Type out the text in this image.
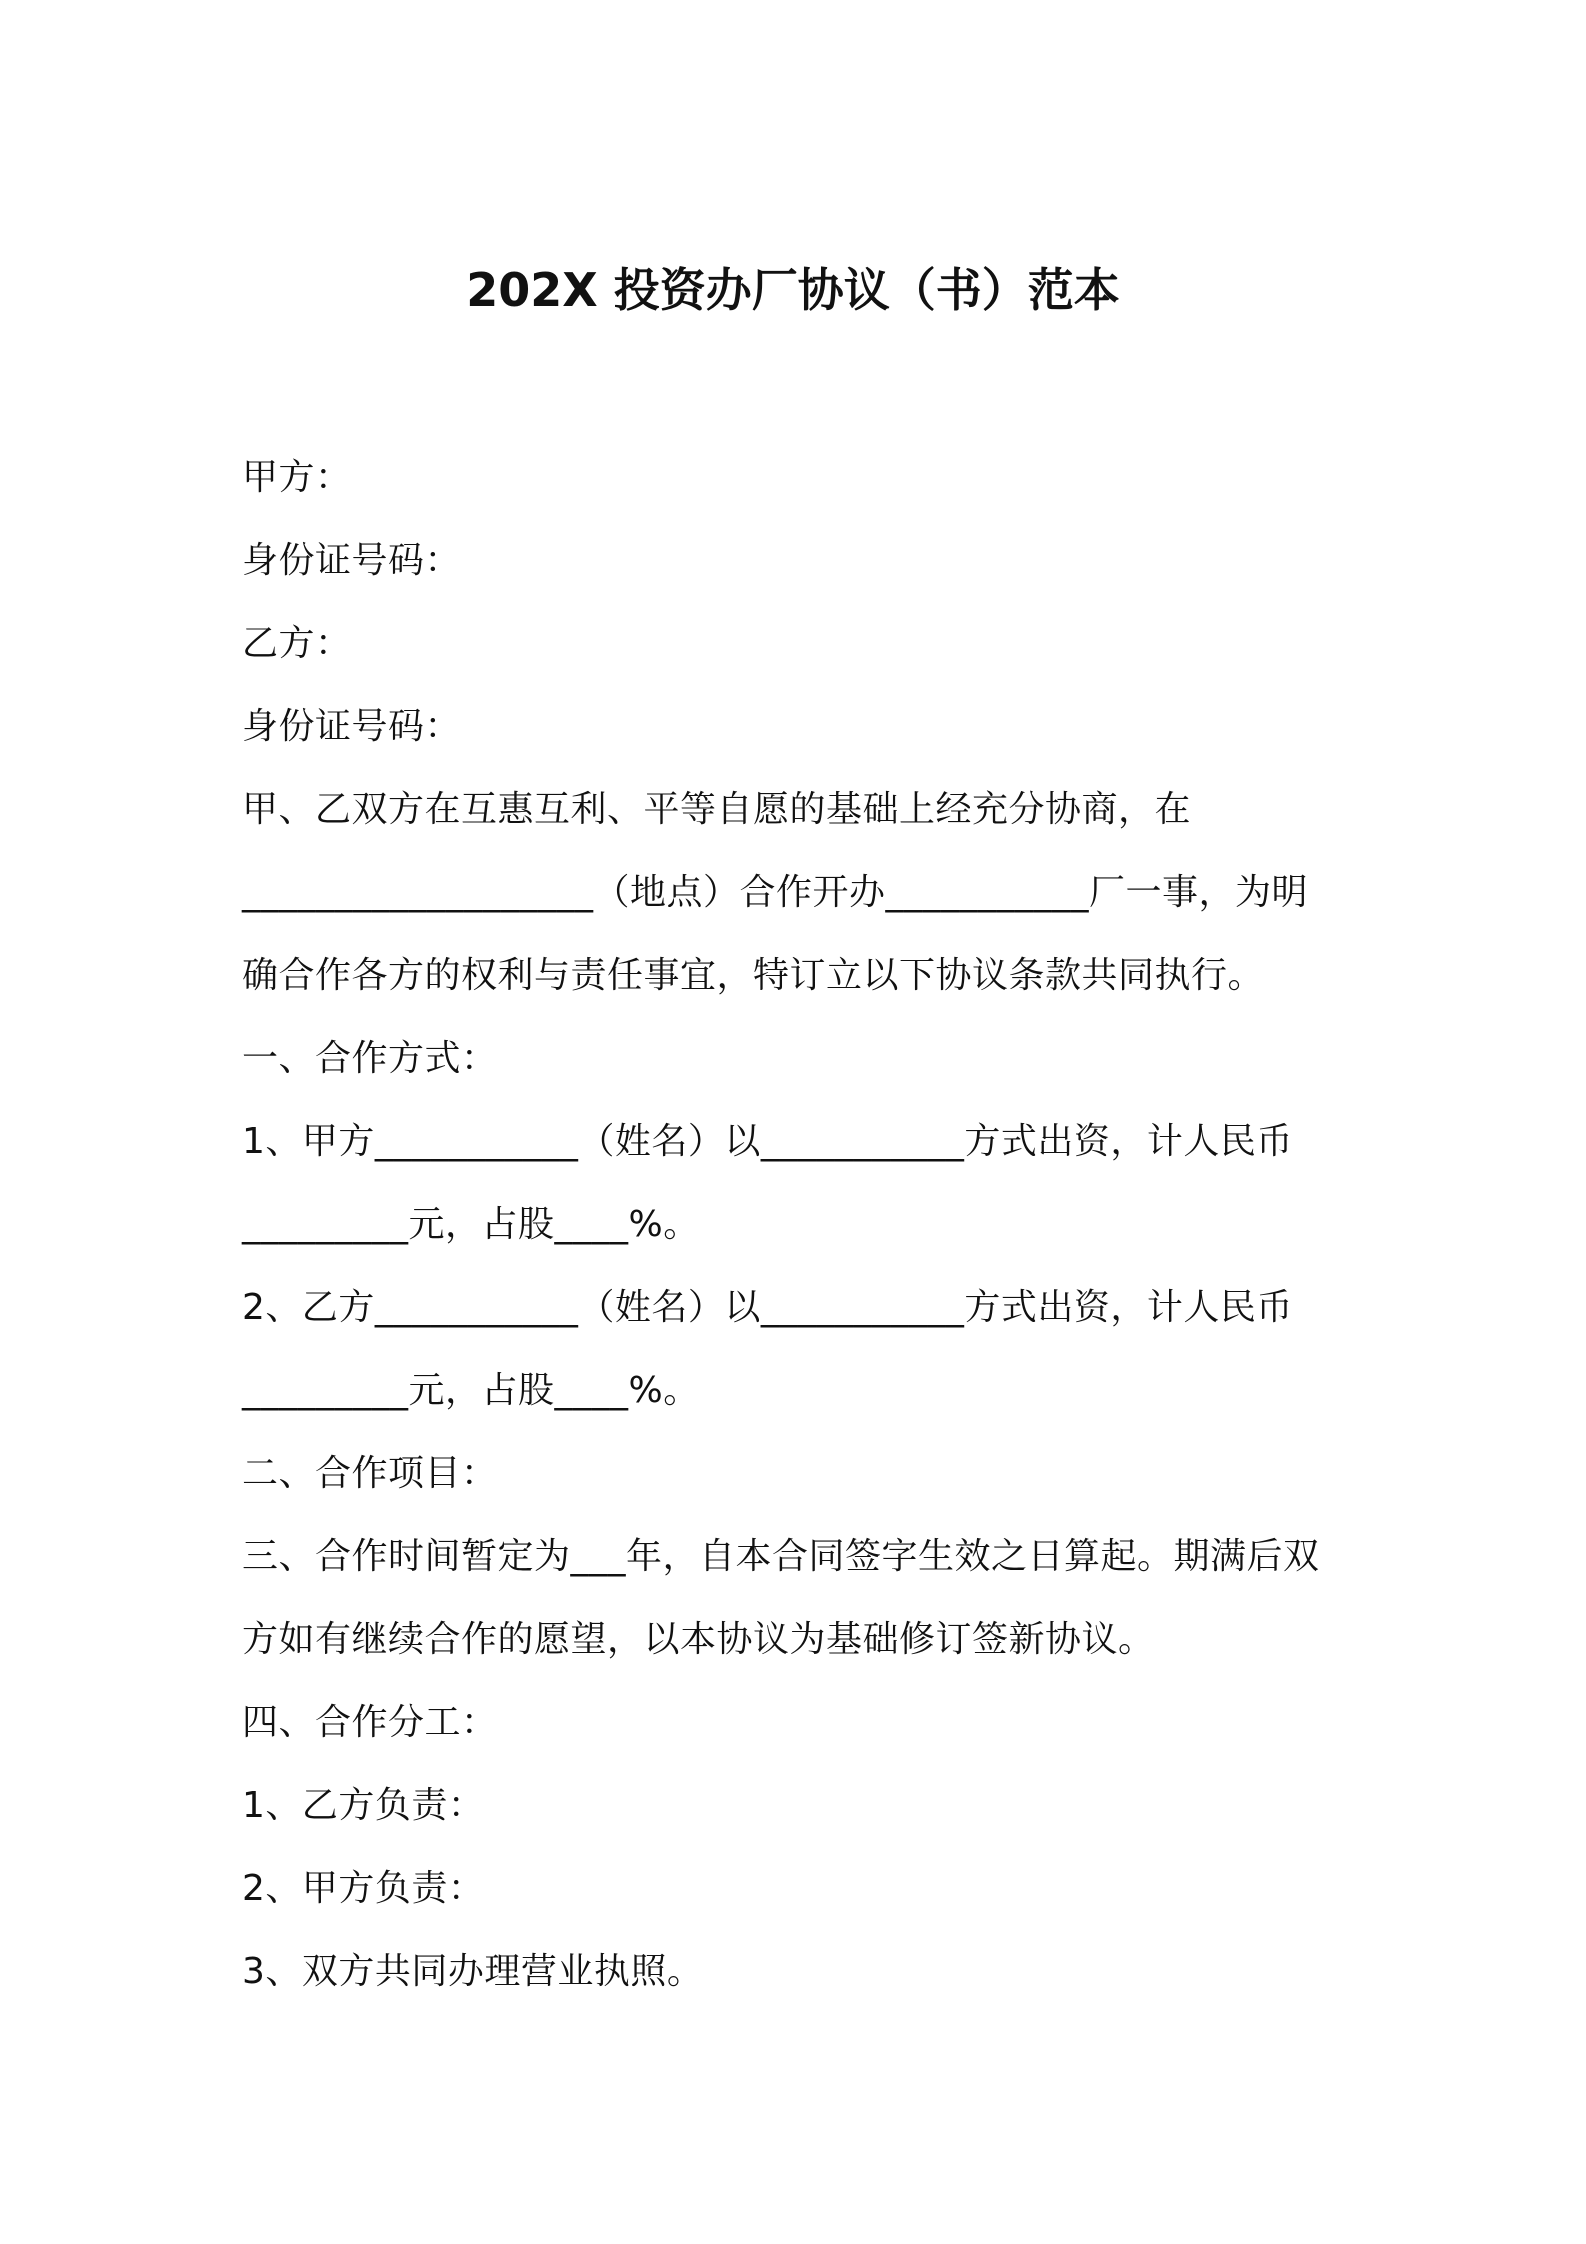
202X 投资办厂协议（书）范本
甲方：
身份证号码：
乙方：
身份证号码：
甲、乙双方在互惠互利、平等自愿的基础上经充分协商，在
___________________（地点）合作开办___________厂一事，为明
确合作各方的权利与责任事宜，特订立以下协议条款共同执行。
一、合作方式：
1、甲方___________（姓名）以___________方式出资，计人民币
_________元，占股____%。
2、乙方___________（姓名）以___________方式出资，计人民币
_________元，占股____%。
二、合作项目：
三、合作时间暂定为___年，自本合同签字生效之日算起。期满后双
方如有继续合作的愿望，以本协议为基础修订签新协议。
四、合作分工：
1、乙方负责：
2、甲方负责：
3、双方共同办理营业执照。
